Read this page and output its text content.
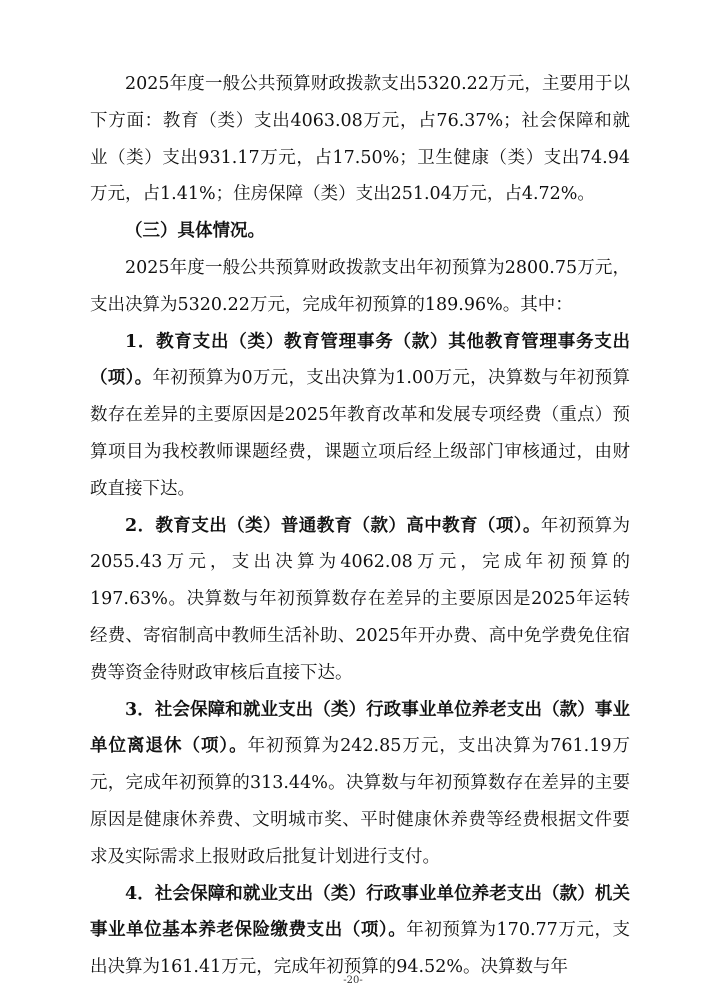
2025年度一般公共预算财政拨款支出5320.22万元，主要用于以下方面：教育（类）支出4063.08万元，占76.37%；社会保障和就业（类）支出931.17万元，占17.50%；卫生健康（类）支出74.94万元，占1.41%；住房保障（类）支出251.04万元，占4.72%。

（三）具体情况。

2025年度一般公共预算财政拨款支出年初预算为2800.75万元，支出决算为5320.22万元，完成年初预算的189.96%。其中：

1．教育支出（类）教育管理事务（款）其他教育管理事务支出（项）。年初预算为0万元，支出决算为1.00万元，决算数与年初预算数存在差异的主要原因是2025年教育改革和发展专项经费（重点）预算项目为我校教师课题经费，课题立项后经上级部门审核通过，由财政直接下达。

2．教育支出（类）普通教育（款）高中教育（项）。年初预算为2055.43万元，支出决算为4062.08万元，完成年初预算的197.63%。决算数与年初预算数存在差异的主要原因是2025年运转经费、寄宿制高中教师生活补助、2025年开办费、高中免学费免住宿费等资金待财政审核后直接下达。

3．社会保障和就业支出（类）行政事业单位养老支出（款）事业单位离退休（项）。年初预算为242.85万元，支出决算为761.19万元，完成年初预算的313.44%。决算数与年初预算数存在差异的主要原因是健康休养费、文明城市奖、平时健康休养费等经费根据文件要求及实际需求上报财政后批复计划进行支付。

4．社会保障和就业支出（类）行政事业单位养老支出（款）机关事业单位基本养老保险缴费支出（项）。年初预算为170.77万元，支出决算为161.41万元，完成年初预算的94.52%。决算数与年

-20-
